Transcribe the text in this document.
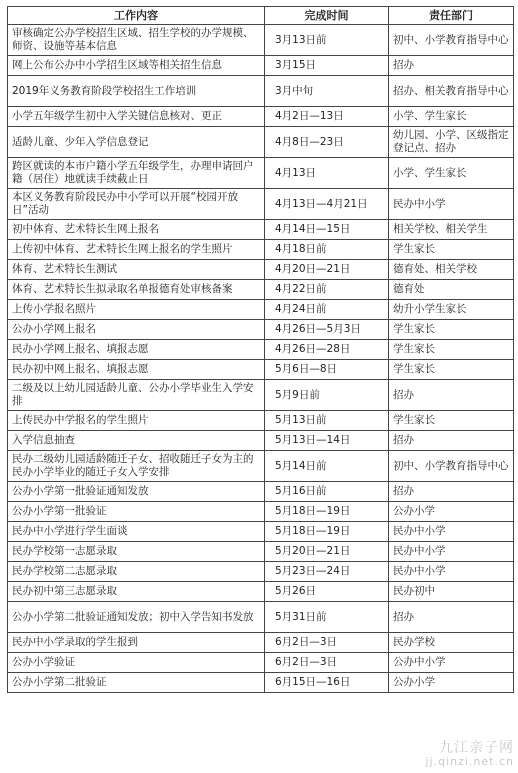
工作内容	完成时间	责任部门
审核确定公办学校招生区域、招生学校的办学规模、师资、设施等基本信息	3月13日前	初中、小学教育指导中心
网上公布公办中小学招生区域等相关招生信息	3月15日	招办
2019年义务教育阶段学校招生工作培训	3月中旬	招办、相关教育指导中心
小学五年级学生初中入学关键信息核对、更正	4月2日—13日	小学、学生家长
适龄儿童、少年入学信息登记	4月8日—23日	幼儿园、小学、区级指定登记点、招办
跨区就读的本市户籍小学五年级学生，办理申请回户籍（居住）地就读手续截止日	4月13日	小学、学生家长
本区义务教育阶段民办中小学可以开展“校园开放日”活动	4月13日—4月21日	民办中小学
初中体育、艺术特长生网上报名	4月14日—15日	相关学校、相关学生
上传初中体育、艺术特长生网上报名的学生照片	4月18日前	学生家长
体育、艺术特长生测试	4月20日—21日	德育处、相关学校
体育、艺术特长生拟录取名单报德育处审核备案	4月22日前	德育处
上传小学报名照片	4月24日前	幼升小学生家长
公办小学网上报名	4月26日—5月3日	学生家长
民办小学网上报名、填报志愿	4月26日—28日	学生家长
民办初中网上报名、填报志愿	5月6日—8日	学生家长
二级及以上幼儿园适龄儿童、公办小学毕业生入学安排	5月9日前	招办
上传民办中学报名的学生照片	5月13日前	学生家长
入学信息抽查	5月13日—14日	招办
民办二级幼儿园适龄随迁子女、招收随迁子女为主的民办小学毕业的随迁子女入学安排	5月14日前	初中、小学教育指导中心
公办小学第一批验证通知发放	5月16日前	招办
公办小学第一批验证	5月18日—19日	公办小学
民办中小学进行学生面谈	5月18日—19日	民办中小学
民办学校第一志愿录取	5月20日—21日	民办中小学
民办学校第二志愿录取	5月23日—24日	民办中小学
民办初中第三志愿录取	5月26日	民办初中
公办小学第二批验证通知发放；初中入学告知书发放	5月31日前	招办
民办中小学录取的学生报到	6月2日—3日	民办学校
公办小学验证	6月2日—3日	公办中小学
公办小学第二批验证	6月15日—16日	公办小学
九江亲子网
jj.qinzi.net.cn
